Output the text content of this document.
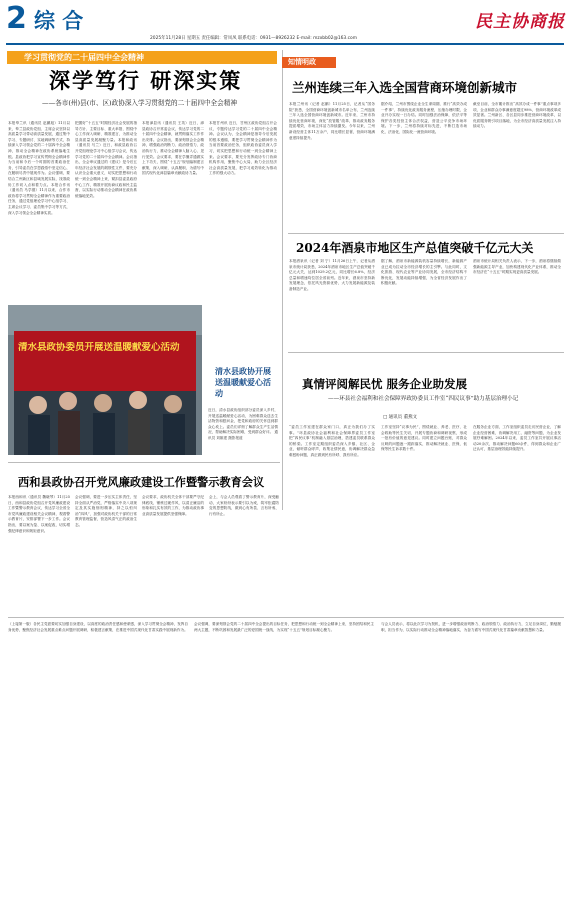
2 综 合
2025年11月28日 星期五 责任编辑：常凤凤 联系电话：0931—8926232 E-mail: mzxbb02@163.com
民主协商报
学习贯彻党的二十届四中全会精神
深学笃行 研深实策
——各市(州)县(市、区)政协深入学习贯彻党的二十届四中全会精神
本报皋兰讯（通讯员 赵鹏旭）11月以来，皋兰县政协党组、主席会议坚持以高质量学习带动高质量发展，通过集中学习、专题研讨、实地调研等方式，持续深入学习领会党的二十届四中全会精神，推动全会精神在政协系统落地生根。县政协把学习宣传贯彻全会精神作为当前和今后一个时期的首要政治任务，引导委员在学思践悟中坚定信心，在履职尽责中展现作为。会议强调，要结合兰州新区和县域发展实际，找准政协工作切入点和着力点。本报合作讯（通讯员 马学德）11月以来，合作市政协将学习贯彻全会精神作为重要政治任务，通过党组理论学习中心组学习、主席会议学习、委员集中学习等方式，深入学习领会全会精神实质。
把握好“十五五”时期经济社会发展的指导方针、主要目标、重大举措，围绕中心工作深入调研、精准建言，为推动全县高质量发展凝聚力量。本报和政讯（通讯员 马兰）近日，和政县政协召开党组理论学习中心组学习会议，传达学习党的二十届四中全会精神。会议指出，全会审议通过的《建议》是今后五年经济社会发展的纲领性文件，要充分认识全会重大意义，切实把思想和行动统一到全会精神上来，紧扣县委县政府中心工作，精准开展协商议政和民主监督，以实际行动推动全会精神在政协系统落地见效。
本报漳县讯（通讯员 王英）近日，漳县政协召开常委会议，传达学习党的二十届四中全会精神，就贯彻落实工作作出安排。会议指出，要深刻领会全会精神，增强政治判断力、政治领悟力、政治执行力，推动全会精神入脑入心、见行见效。会议要求，要在学懂弄通做实上下功夫，围绕“十五五”规划编制建言献策，深入调研，认真履职，为谱写中国式现代化漳县篇章贡献政协力量。
本报甘州讯 近日，甘州区政协党组召开会议，专题传达学习党的二十届四中全会精神。会议认为，全会精神是指导今后发展的根本遵循，要把学习贯彻全会精神作为当前首要政治任务，组织政协委员深入学习，切实把思想和行动统一到全会精神上来。会议要求，要充分发挥政协专门协商机构作用，聚焦中心大局，助力全区经济社会高质量发展，把学习成效转化为推动工作的强大动力。
知情明政
兰州连续三年入选全国营商环境创新城市
本报兰州讯（记者 赵鹏）11月25日，记者从“国务院”获悉，全国营商环境创新城市名单公布，兰州连续三年入选全国营商环境创新城市。近年来，兰州市持续优化营商环境，深化“放管服”改革，推动政务服务提质增效，市场主体活力持续激发。今年以来，兰州新设经营主体11万余户，同比增长显著，营商环境满意度持续提升。
据介绍，兰州市围绕企业全生命周期，推行“高效办成一件事”，持续优化政务服务流程，压缩办理时限，企业开办实现一日办结。同时加强法治保障，依法平等保护各类经营主体合法权益，营造公平竞争市场环境。下一步，兰州将持续对标先进，不断打造市场化、法治化、国际化一流营商环境。
截至目前，全市累计推出“高效办成一件事”重点事项多项，企业和群众办事满意度超过98%，营商环境改革成效显著。兰州新区、各区县同步推进营商环境改革，以优质服务吸引项目落地，为全市经济高质量发展注入持续动力。
2024年酒泉市地区生产总值突破千亿元大关
本报酒泉讯（记者 刘 宁）11月26日上午，记者从酒泉市统计局获悉，2024年酒泉市地区生产总值突破千亿元大关，达到1029.2亿元，同比增长6.8%，经济总量和增速均位居全省前列。近年来，酒泉市坚持新发展理念，依托风光资源优势，大力发展新能源及装备制造产业。
据了解，酒泉市新能源装机容量持续增长，新能源产业已成为拉动全市经济增长的主引擎。与此同时，文化旅游、现代农业等产业协同发展，全市经济结构不断优化，发展动能持续增强，为全省经济发展作出了积极贡献。
酒泉市统计局相关负责人表示，下一步，酒泉将继续做强新能源主导产业，加快构建现代化产业体系，推动全市经济在“十五五”时期实现更高质量发展。
清水县政协委员开展送温暖献爱心活动
清水县政协开展送温暖献爱心活动
近日，清水县政协组织部分委员深入乡村，开展送温暖献爱心活动，为困难群众送去生活物资和慰问金，把党和政府的关怀送到群众心坎上。委员们详细了解群众生产生活情况，帮助解决实际困难，受到群众好评。 通讯员 刘雄建 摄影报道
西和县政协召开党风廉政建设工作暨警示教育会议
本报西和讯（通讯员 魏晓琴）11月25日，西和县政协党组召开党风廉政建设工作暨警示教育会议，传达学习全省全市党风廉政建设相关会议精神，观看警示教育片，安排部署下一步工作。会议指出，要以案为鉴、以案促改，切实增强纪律意识和规矩意识。
会议强调，要进一步压实主体责任，坚持全面从严治党，严格落实中央八项规定及其实施细则精神，持之以恒纠治“四风”，加强对政协机关干部的日常教育管理监督，营造风清气正的政治生态。
会议要求，政协机关全体干部要严守纪律底线，锤炼过硬作风，以清正廉洁的形象和扎实有效的工作，为推动政协事业高质量发展提供坚强保障。
会上，与会人员观看了警示教育片，深受触动，大家纷纷表示要引以为戒，筑牢拒腐防变的思想防线，做到心有所畏、言有所戒、行有所止。
真情评阅解民忧 服务企业助发展
——环县社会福利和社会保障界政协委员工作室“四民议事”助力基层治理小记
□ 通讯员 董燕文
“委员工作室建在群众家门口，真正为我们办了实事。”环县政协社会福利和社会保障界委员工作室把“四民议事”机制融入基层治理，搭建委员联系群众的桥梁。工作室定期组织委员深入乡镇、社区、企业，倾听群众呼声，收集社情民意，协调解决群众急难愁盼问题，真正做到民有所呼、我有所应。
工作室坚持“议事为民”，围绕就业、养老、医疗、社会救助等民生关切，开展专题协商和调研视察，形成一批有价值的意见建议。同时建立问题台账，对群众反映的问题逐一跟踪落实，推动解决就业、医保、低保等民生诉求数十件。
在服务企业方面，工作室组织委员走访民营企业，了解企业经营困难，协调解决用工、融资等问题，为企业发展纾难解困。2024年以来，委员工作室共开展议事活动20余次，推动解决问题60余件，得到群众和企业广泛认可，基层治理效能持续提升。
（上接第一版）各民主党派要切实加强自身建设，以高度的政治责任感和使命感，深入学习贯彻全会精神，发挥自身优势，聚焦经济社会发展重点难点问题开展调研，积极建言献策，在推进中国式现代化甘肃实践中展现新作为。
会议强调，要深刻领会党的二十届四中全会提出的目标任务，把思想和行动统一到全会精神上来，坚持团结和民主两大主题，不断巩固和发展最广泛的爱国统一战线，为实现“十五五”规划目标凝心聚力。
与会人员表示，将以此次学习为契机，进一步增强政治判断力、政治领悟力、政治执行力，立足自身岗位，勤勉履职，担当作为，以实际行动推动全会精神落地落实，为奋力谱写中国式现代化甘肃篇章贡献智慧和力量。
